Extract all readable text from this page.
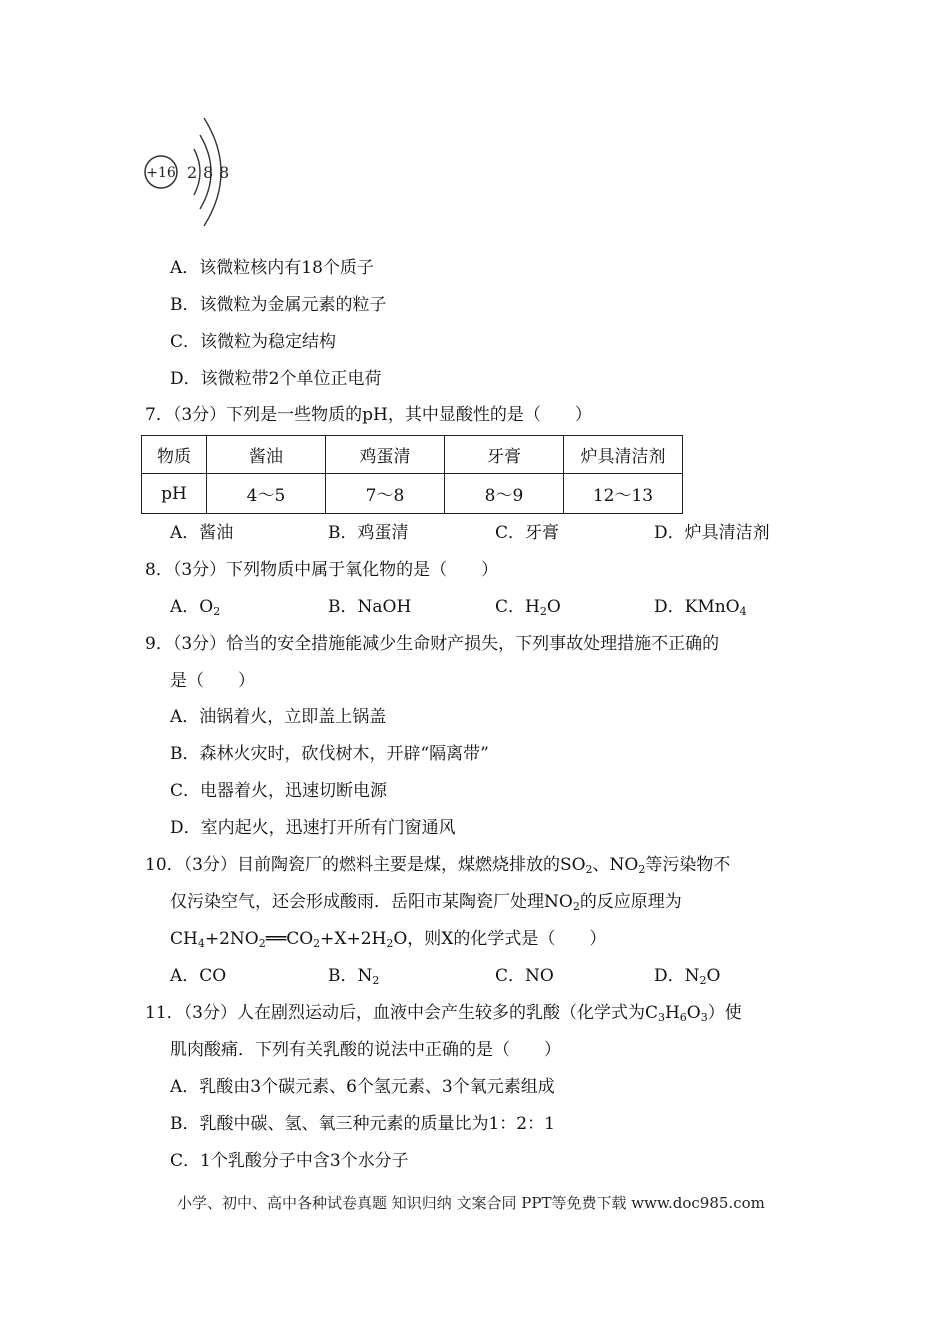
+16 2 8 8
A．该微粒核内有18个质子
B．该微粒为金属元素的粒子
C．该微粒为稳定结构
D．该微粒带2个单位正电荷
7．（3分）下列是一些物质的pH，其中显酸性的是（　　）
物质	酱油	鸡蛋清	牙膏	炉具清洁剂
pH	4～5	7～8	8～9	12～13
A．酱油	B．鸡蛋清	C．牙膏	D．炉具清洁剂
8．（3分）下列物质中属于氧化物的是（　　）
A．$O_2$	B．NaOH	C．$H_2O$	D．KMnO$_4$
9．（3分）恰当的安全措施能减少生命财产损失，下列事故处理措施不正确的
是（　　）
A．油锅着火，立即盖上锅盖
B．森林火灾时，砍伐树木，开辟“隔离带”
C．电器着火，迅速切断电源
D．室内起火，迅速打开所有门窗通风
10．（3分）目前陶瓷厂的燃料主要是煤，煤燃烧排放的$SO_2$、$NO_2$等污染物不
仅污染空气，还会形成酸雨．岳阳市某陶瓷厂处理$NO_2$的反应原理为
$CH_4+2NO_2══CO_2+X+2H_2O$，则X的化学式是（　　）
A．CO	B．$N_2$	C．NO	D．$N_2O$
11．（3分）人在剧烈运动后，血液中会产生较多的乳酸（化学式为$C_3H_6O_3$）使
肌肉酸痛．下列有关乳酸的说法中正确的是（　　）
A．乳酸由3个碳元素、6个氢元素、3个氧元素组成
B．乳酸中碳、氢、氧三种元素的质量比为1：2：1
C．1个乳酸分子中含3个水分子
小学、初中、高中各种试卷真题 知识归纳 文案合同 PPT等免费下载 www.doc985.com
